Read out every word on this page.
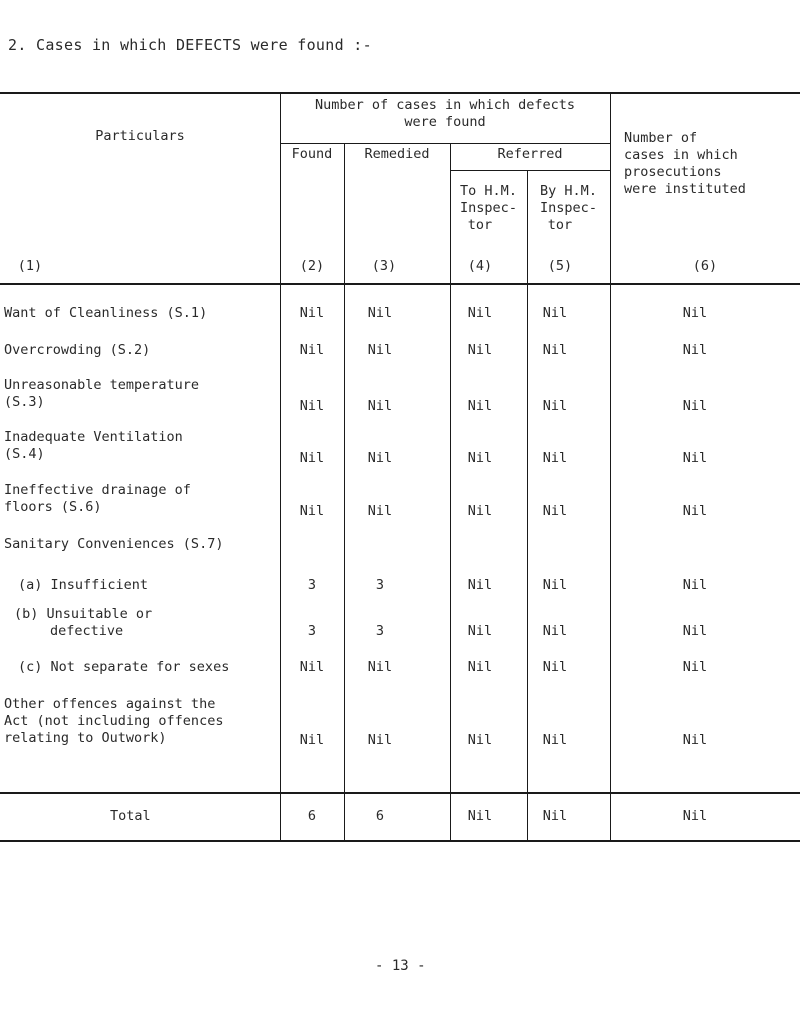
2. Cases in which DEFECTS were found :-
Particulars
Number of cases in which defects
were found
Found	Remedied	Referred
To H.M.
Inspec-
tor
By H.M.
Inspec-
tor
Number of
cases in which
prosecutions
were instituted
(1)	(2)	(3)	(4)	(5)	(6)
Want of Cleanliness (S.1)	Nil	Nil	Nil	Nil	Nil
Overcrowding (S.2)	Nil	Nil	Nil	Nil	Nil
Unreasonable temperature
(S.3)	Nil	Nil	Nil	Nil	Nil
Inadequate Ventilation
(S.4)	Nil	Nil	Nil	Nil	Nil
Ineffective drainage of
floors (S.6)	Nil	Nil	Nil	Nil	Nil
Sanitary Conveniences (S.7)
(a) Insufficient	3	3	Nil	Nil	Nil
(b) Unsuitable or
defective	3	3	Nil	Nil	Nil
(c) Not separate for sexes	Nil	Nil	Nil	Nil	Nil
Other offences against the
Act (not including offences
relating to Outwork)	Nil	Nil	Nil	Nil	Nil
Total	6	6	Nil	Nil	Nil
- 13 -
